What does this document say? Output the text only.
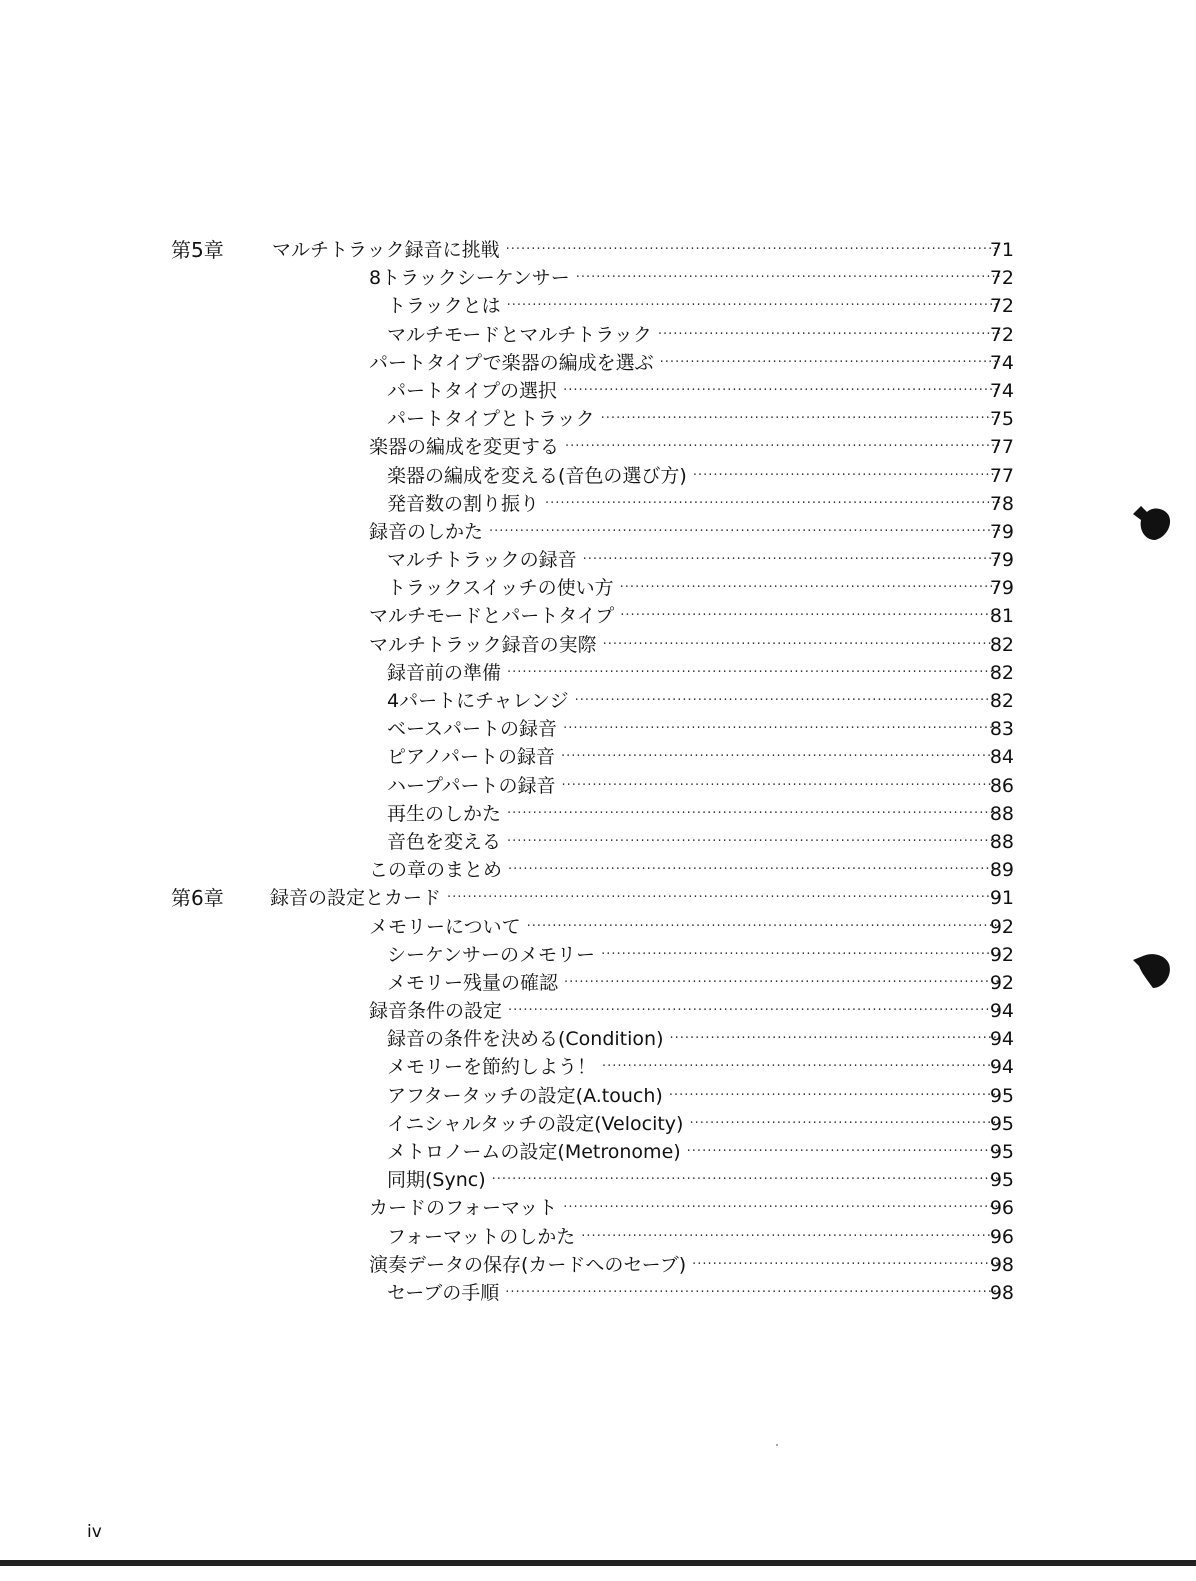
第5章	マルチトラック録音に挑戦 ·····	71
8トラックシーケンサー ·····	72
トラックとは ·····	72
マルチモードとマルチトラック ·····	72
パートタイプで楽器の編成を選ぶ ·····	74
パートタイプの選択 ·····	74
パートタイプとトラック ·····	75
楽器の編成を変更する ·····	77
楽器の編成を変える(音色の選び方) ·····	77
発音数の割り振り ·····	78
録音のしかた ·····	79
マルチトラックの録音 ·····	79
トラックスイッチの使い方 ·····	79
マルチモードとパートタイプ ·····	81
マルチトラック録音の実際 ·····	82
録音前の準備 ·····	82
4パートにチャレンジ ·····	82
ベースパートの録音 ·····	83
ピアノパートの録音 ·····	84
ハープパートの録音 ·····	86
再生のしかた ·····	88
音色を変える ·····	88
この章のまとめ ·····	89
第6章 録音の設定とカード ·····	91
メモリーについて ·····	92
シーケンサーのメモリー ·····	92
メモリー残量の確認 ·····	92
録音条件の設定 ·····	94
録音の条件を決める(Condition) ·····	94
メモリーを節約しよう！ ·····	94
アフタータッチの設定(A.touch) ·····	95
イニシャルタッチの設定(Velocity) ·····	95
メトロノームの設定(Metronome) ·····	95
同期(Sync) ·····	95
カードのフォーマット ·····	96
フォーマットのしかた ·····	96
演奏データの保存(カードへのセーブ) ·····	98
セーブの手順 ·····	98
iv
